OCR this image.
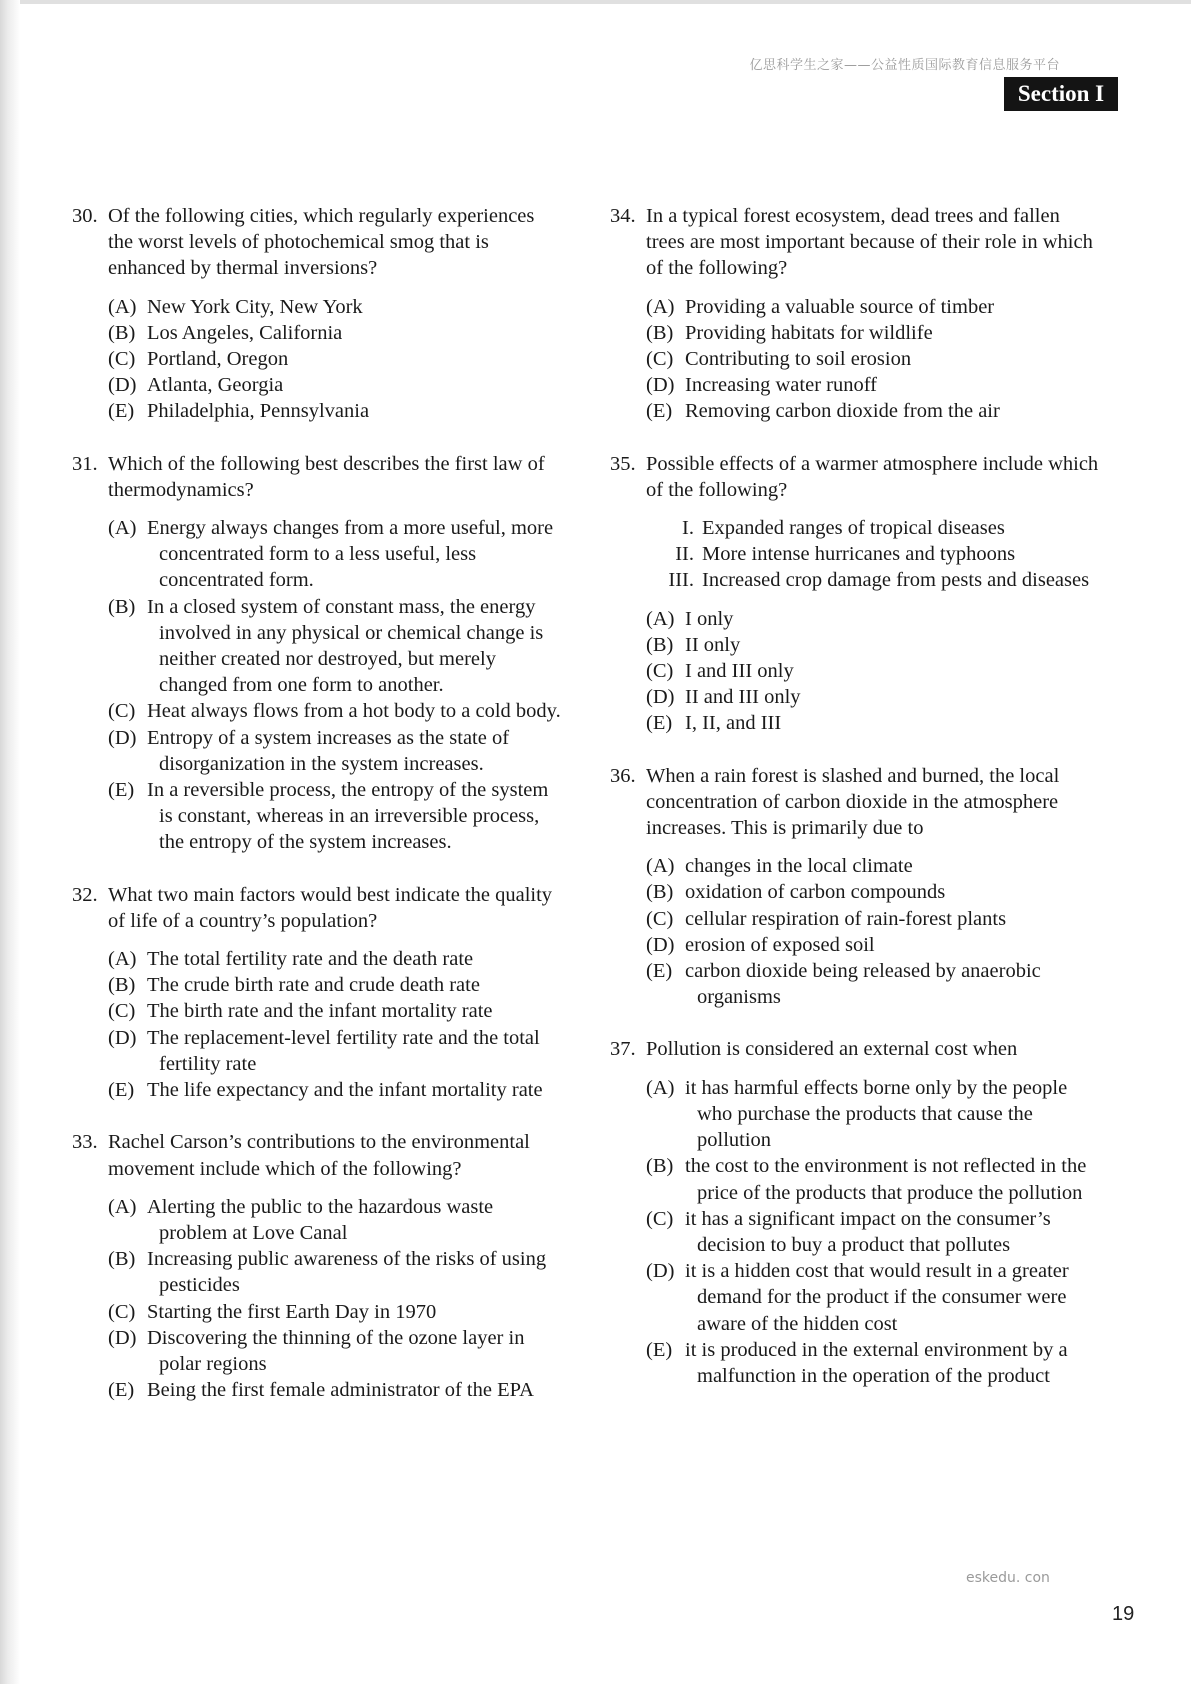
亿思科学生之家——公益性质国际教育信息服务平台
Section I
30. Of the following cities, which regularly experiences the worst levels of photochemical smog that is enhanced by thermal inversions?
(A) New York City, New York
(B) Los Angeles, California
(C) Portland, Oregon
(D) Atlanta, Georgia
(E) Philadelphia, Pennsylvania
31. Which of the following best describes the first law of thermodynamics?
(A) Energy always changes from a more useful, more concentrated form to a less useful, less concentrated form.
(B) In a closed system of constant mass, the energy involved in any physical or chemical change is neither created nor destroyed, but merely changed from one form to another.
(C) Heat always flows from a hot body to a cold body.
(D) Entropy of a system increases as the state of disorganization in the system increases.
(E) In a reversible process, the entropy of the system is constant, whereas in an irreversible process, the entropy of the system increases.
32. What two main factors would best indicate the quality of life of a country’s population?
(A) The total fertility rate and the death rate
(B) The crude birth rate and crude death rate
(C) The birth rate and the infant mortality rate
(D) The replacement-level fertility rate and the total fertility rate
(E) The life expectancy and the infant mortality rate
33. Rachel Carson’s contributions to the environmental movement include which of the following?
(A) Alerting the public to the hazardous waste problem at Love Canal
(B) Increasing public awareness of the risks of using pesticides
(C) Starting the first Earth Day in 1970
(D) Discovering the thinning of the ozone layer in polar regions
(E) Being the first female administrator of the EPA
34. In a typical forest ecosystem, dead trees and fallen trees are most important because of their role in which of the following?
(A) Providing a valuable source of timber
(B) Providing habitats for wildlife
(C) Contributing to soil erosion
(D) Increasing water runoff
(E) Removing carbon dioxide from the air
35. Possible effects of a warmer atmosphere include which of the following?
I. Expanded ranges of tropical diseases
II. More intense hurricanes and typhoons
III. Increased crop damage from pests and diseases
(A) I only
(B) II only
(C) I and III only
(D) II and III only
(E) I, II, and III
36. When a rain forest is slashed and burned, the local concentration of carbon dioxide in the atmosphere increases. This is primarily due to
(A) changes in the local climate
(B) oxidation of carbon compounds
(C) cellular respiration of rain-forest plants
(D) erosion of exposed soil
(E) carbon dioxide being released by anaerobic organisms
37. Pollution is considered an external cost when
(A) it has harmful effects borne only by the people who purchase the products that cause the pollution
(B) the cost to the environment is not reflected in the price of the products that produce the pollution
(C) it has a significant impact on the consumer’s decision to buy a product that pollutes
(D) it is a hidden cost that would result in a greater demand for the product if the consumer were aware of the hidden cost
(E) it is produced in the external environment by a malfunction in the operation of the product
eskedu. con
19
